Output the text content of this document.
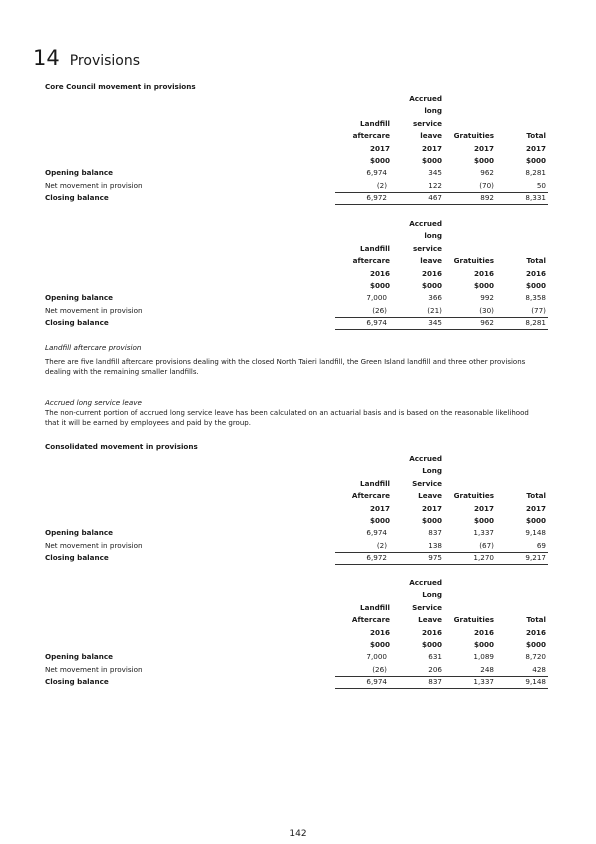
14 Provisions
Core Council movement in provisions
Accrued
long
Landfill	service
aftercare	leave	Gratuities	Total
2017	2017	2017	2017
$000	$000	$000	$000
Opening balance	6,974	345	962	8,281
Net movement in provision	(2)	122	(70)	50
Closing balance	6,972	467	892	8,331
Accrued
long
Landfill	service
aftercare	leave	Gratuities	Total
2016	2016	2016	2016
$000	$000	$000	$000
Opening balance	7,000	366	992	8,358
Net movement in provision	(26)	(21)	(30)	(77)
Closing balance	6,974	345	962	8,281
Landfill aftercare provision
There are five landfill aftercare provisions dealing with the closed North Taieri landfill, the Green Island landfill and three other provisions dealing with the remaining smaller landfills.
Accrued long service leave
The non-current portion of accrued long service leave has been calculated on an actuarial basis and is based on the reasonable likelihood that it will be earned by employees and paid by the group.
Consolidated movement in provisions
Accrued
Long
Landfill	Service
Aftercare	Leave	Gratuities	Total
2017	2017	2017	2017
$000	$000	$000	$000
Opening balance	6,974	837	1,337	9,148
Net movement in provision	(2)	138	(67)	69
Closing balance	6,972	975	1,270	9,217
Accrued
Long
Landfill	Service
Aftercare	Leave	Gratuities	Total
2016	2016	2016	2016
$000	$000	$000	$000
Opening balance	7,000	631	1,089	8,720
Net movement in provision	(26)	206	248	428
Closing balance	6,974	837	1,337	9,148
142
